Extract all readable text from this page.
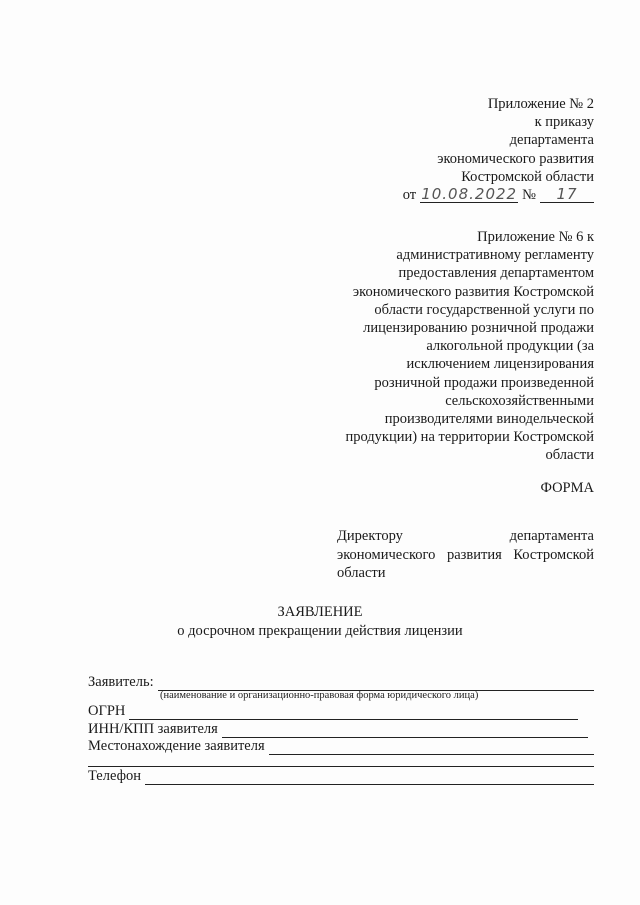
Приложение № 2
к приказу
департамента
экономического развития
Костромской области
от 10.08.2022 №	17
Приложение № 6 к
административному регламенту
предоставления департаментом
экономического развития Костромской
области государственной услуги по
лицензированию розничной продажи
алкогольной продукции (за
исключением лицензирования
розничной продажи произведенной
сельскохозяйственными
производителями винодельческой
продукции) на территории Костромской
области
ФОРМА
Директору	департамента
экономического развития Костромской области
ЗАЯВЛЕНИЕ
о досрочном прекращении действия лицензии
Заявитель:
(наименование и организационно-правовая форма юридического лица)
ОГРН
ИНН/КПП заявителя
Местонахождение заявителя
Телефон
